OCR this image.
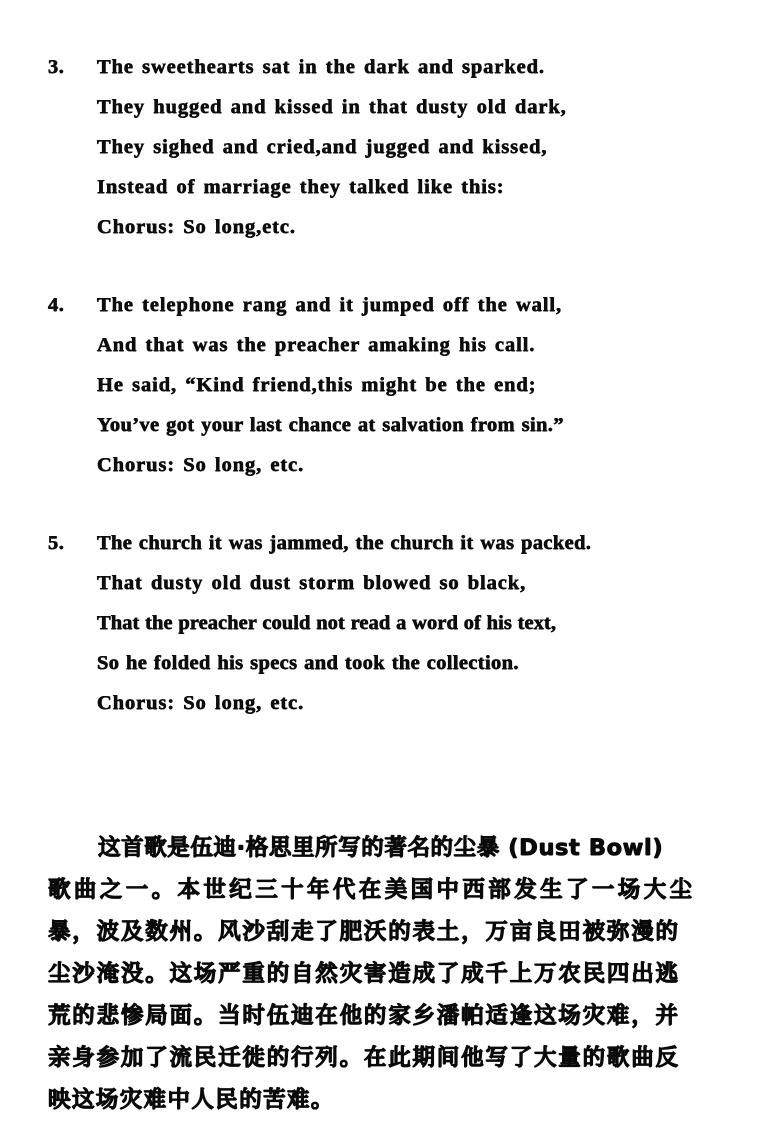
3.	The sweethearts sat in the dark and sparked.
They hugged and kissed in that dusty old dark,
They sighed and cried,and jugged and kissed,
Instead of marriage they talked like this:
Chorus: So long,etc.
4.	The telephone rang and it jumped off the wall,
And that was the preacher amaking his call.
He said, “Kind friend,this might be the end;
You’ve got your last chance at salvation from sin.”
Chorus: So long, etc.
5.	The church it was jammed, the church it was packed.
That dusty old dust storm blowed so black,
That the preacher could not read a word of his text,
So he folded his specs and took the collection.
Chorus: So long, etc.
这首歌是伍迪·格思里所写的著名的尘暴 (Dust Bowl)
歌曲之一。本世纪三十年代在美国中西部发生了一场大尘
暴，波及数州。风沙刮走了肥沃的表土，万亩良田被弥漫的
尘沙淹没。这场严重的自然灾害造成了成千上万农民四出逃
荒的悲惨局面。当时伍迪在他的家乡潘帕适逢这场灾难，并
亲身参加了流民迁徙的行列。在此期间他写了大量的歌曲反
映这场灾难中人民的苦难。
